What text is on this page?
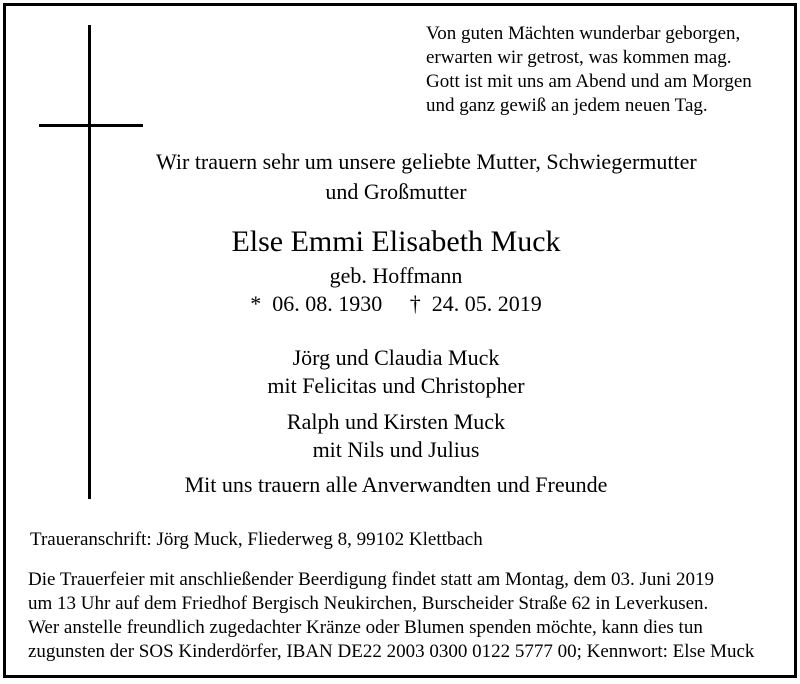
Von guten Mächten wunderbar geborgen,
erwarten wir getrost, was kommen mag.
Gott ist mit uns am Abend und am Morgen
und ganz gewiß an jedem neuen Tag.
Wir trauern sehr um unsere geliebte Mutter, Schwiegermutter
und Großmutter
Else Emmi Elisabeth Muck
geb. Hoffmann
* 06. 08. 1930 † 24. 05. 2019
Jörg und Claudia Muck
mit Felicitas und Christopher
Ralph und Kirsten Muck
mit Nils und Julius
Mit uns trauern alle Anverwandten und Freunde
Traueranschrift: Jörg Muck, Fliederweg 8, 99102 Klettbach
Die Trauerfeier mit anschließender Beerdigung findet statt am Montag, dem 03. Juni 2019
um 13 Uhr auf dem Friedhof Bergisch Neukirchen, Burscheider Straße 62 in Leverkusen.
Wer anstelle freundlich zugedachter Kränze oder Blumen spenden möchte, kann dies tun
zugunsten der SOS Kinderdörfer, IBAN DE22 2003 0300 0122 5777 00; Kennwort: Else Muck
